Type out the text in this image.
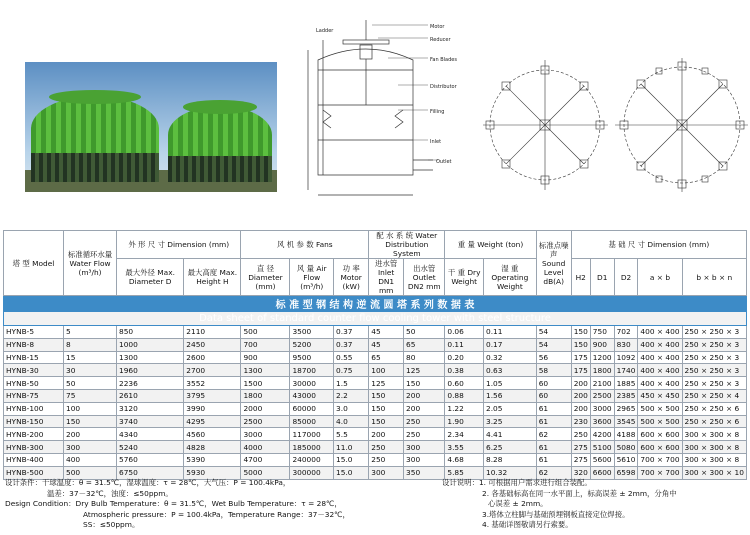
Motor
Reducer
Fan Blades
Distributor
Filling
Inlet
Outlet
Ladder
标 准 型 钢 结 构 逆 流 圆 塔 系 列 数 据 表																
Data sheet of standard counter flow cooling tower with steel structure																
塔 型 Model	标准循环水量 Water Flow (m³/h)	外 形 尺 寸 Dimension (mm)		风 机 参 数 Fans			配 水 系 统 Water Distribution System		重 量 Weight (ton)		标准点噪 声 Sound Level dB(A)	基 础 尺 寸 Dimension (mm)				
		最大外径 Max. Diameter D	最大高度 Max. Height H	直 径 Diameter (mm)	风 量 Air Flow (m³/h)	功 率 Motor (kW)	进水管 Inlet DN1 mm	出水管 Outlet DN2 mm	干 重 Dry Weight	湿 重 Operating Weight		H2	D1	D2	a × b	b × b × n
HYNB-5	5	850	2110	500	3500	0.37	45	50	0.06	0.11	54	150	750	702	400 × 400	250 × 250 × 3
HYNB-8	8	1000	2450	700	5200	0.37	45	65	0.11	0.17	54	150	900	830	400 × 400	250 × 250 × 3
HYNB-15	15	1300	2600	900	9500	0.55	65	80	0.20	0.32	56	175	1200	1092	400 × 400	250 × 250 × 3
HYNB-30	30	1960	2700	1300	18700	0.75	100	125	0.38	0.63	58	175	1800	1740	400 × 400	250 × 250 × 3
HYNB-50	50	2236	3552	1500	30000	1.5	125	150	0.60	1.05	60	200	2100	1885	400 × 400	250 × 250 × 3
HYNB-75	75	2610	3795	1800	43000	2.2	150	200	0.88	1.56	60	200	2500	2385	450 × 450	250 × 250 × 4
HYNB-100	100	3120	3990	2000	60000	3.0	150	200	1.22	2.05	61	200	3000	2965	500 × 500	250 × 250 × 6
HYNB-150	150	3740	4295	2500	85000	4.0	150	250	1.90	3.25	61	230	3600	3545	500 × 500	250 × 250 × 6
HYNB-200	200	4340	4560	3000	117000	5.5	200	250	2.34	4.41	62	250	4200	4188	600 × 600	300 × 300 × 8
HYNB-300	300	5240	4828	4000	185000	11.0	250	300	3.55	6.25	61	275	5100	5080	600 × 600	300 × 300 × 8
HYNB-400	400	5760	5390	4700	240000	15.0	250	300	4.68	8.28	61	275	5600	5610	700 × 700	300 × 300 × 8
HYNB-500	500	6750	5930	5000	300000	15.0	300	350	5.85	10.32	62	320	6600	6598	700 × 700	300 × 300 × 10
设计条件：干球温度：θ = 31.5℃，湿球温度：τ = 28℃，大气压：P = 100.4kPa，
温差：37－32℃，浊度：≤50ppm。
Design Condition：Dry Bulb Temperature：θ = 31.5℃，Wet Bulb Temperature：τ = 28℃，
Atmospheric pressure：P = 100.4kPa，Temperature Range：37－32℃，
SS：≤50ppm。
设计说明：1. 可根据用户需求进行组合装配。
2. 各基础标高在同一水平面上，标高误差 ± 2mm，分角中
心误差 ± 2mm。
3.塔体立柱脚与基础预埋钢板直接定位焊接。
4. 基础详图敬请另行索要。
